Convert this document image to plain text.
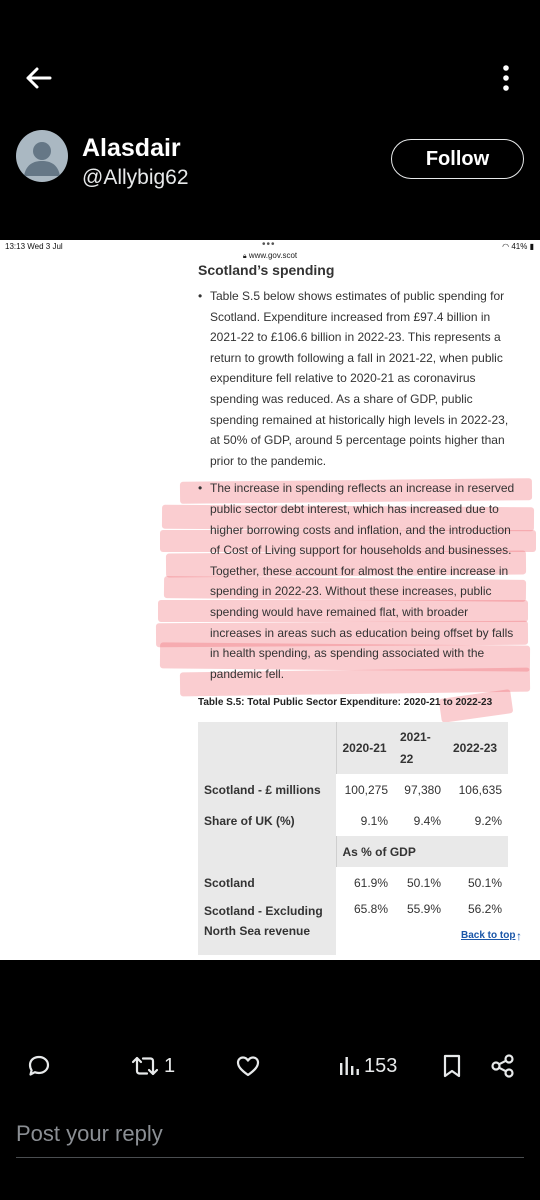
Alasdair
@Allybig62
Follow
13:13 Wed 3 Jul	•••	◠ 41% ▮
🔒︎ www.gov.scot
Scotland’s spending
• Table S.5 below shows estimates of public spending for Scotland. Expenditure increased from £97.4 billion in 2021-22 to £106.6 billion in 2022-23. This represents a return to growth following a fall in 2021-22, when public expenditure fell relative to 2020-21 as coronavirus spending was reduced. As a share of GDP, public spending remained at historically high levels in 2022-23, at 50% of GDP, around 5 percentage points higher than prior to the pandemic.
• The increase in spending reflects an increase in reserved public sector debt interest, which has increased due to higher borrowing costs and inflation, and the introduction of Cost of Living support for households and businesses. Together, these account for almost the entire increase in spending in 2022-23. Without these increases, public spending would have remained flat, with broader increases in areas such as education being offset by falls in health spending, as spending associated with the pandemic fell.
Table S.5: Total Public Sector Expenditure: 2020-21 to 2022-23
	2020-21	2021-22	2022-23
Scotland - £ millions	100,275	97,380	106,635
Share of UK (%)	9.1%	9.4%	9.2%
	As % of GDP		
Scotland	61.9%	50.1%	50.1%
Scotland - Excluding North Sea revenue	65.8%	55.9%	56.2%

Back to top ↑
1	153
Post your reply
